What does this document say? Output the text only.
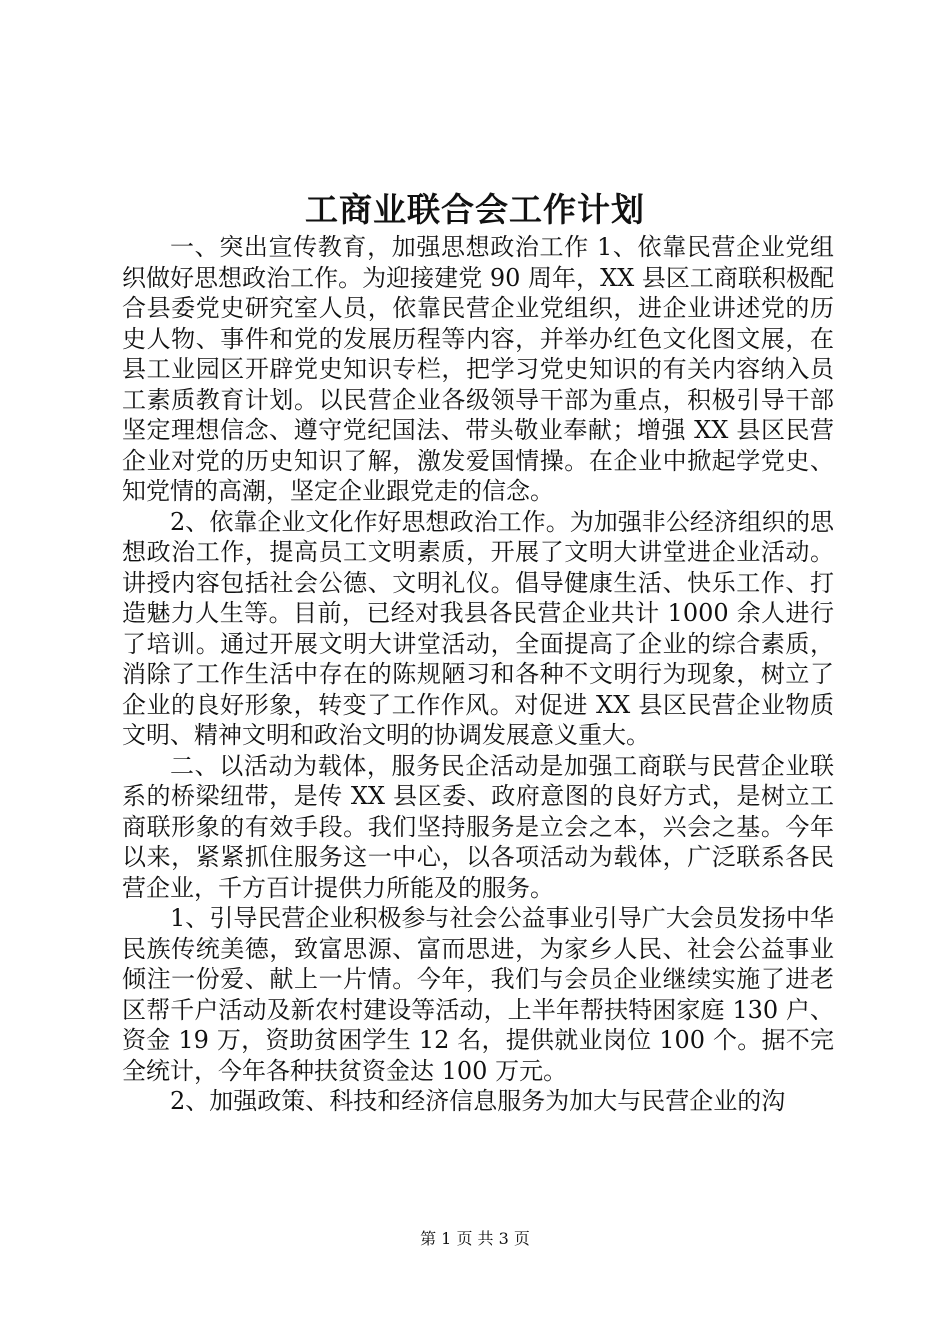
工商业联合会工作计划

一、突出宣传教育，加强思想政治工作 1、依靠民营企业党组织做好思想政治工作。为迎接建党 90 周年，XX 县区工商联积极配合县委党史研究室人员，依靠民营企业党组织，进企业讲述党的历史人物、事件和党的发展历程等内容，并举办红色文化图文展，在县工业园区开辟党史知识专栏，把学习党史知识的有关内容纳入员工素质教育计划。以民营企业各级领导干部为重点，积极引导干部坚定理想信念、遵守党纪国法、带头敬业奉献；增强 XX 县区民营企业对党的历史知识了解，激发爱国情操。在企业中掀起学党史、知党情的高潮，坚定企业跟党走的信念。

2、依靠企业文化作好思想政治工作。为加强非公经济组织的思想政治工作，提高员工文明素质，开展了文明大讲堂进企业活动。讲授内容包括社会公德、文明礼仪。倡导健康生活、快乐工作、打造魅力人生等。目前，已经对我县各民营企业共计 1000 余人进行了培训。通过开展文明大讲堂活动，全面提高了企业的综合素质，消除了工作生活中存在的陈规陋习和各种不文明行为现象，树立了企业的良好形象，转变了工作作风。对促进 XX 县区民营企业物质文明、精神文明和政治文明的协调发展意义重大。

二、以活动为载体，服务民企活动是加强工商联与民营企业联系的桥梁纽带，是传 XX 县区委、政府意图的良好方式，是树立工商联形象的有效手段。我们坚持服务是立会之本，兴会之基。今年以来，紧紧抓住服务这一中心，以各项活动为载体，广泛联系各民营企业，千方百计提供力所能及的服务。

1、引导民营企业积极参与社会公益事业引导广大会员发扬中华民族传统美德，致富思源、富而思进，为家乡人民、社会公益事业倾注一份爱、献上一片情。今年，我们与会员企业继续实施了进老区帮千户活动及新农村建设等活动，上半年帮扶特困家庭 130 户、资金 19 万，资助贫困学生 12 名，提供就业岗位 100 个。据不完全统计，今年各种扶贫资金达 100 万元。

2、加强政策、科技和经济信息服务为加大与民营企业的沟

第 1 页 共 3 页
